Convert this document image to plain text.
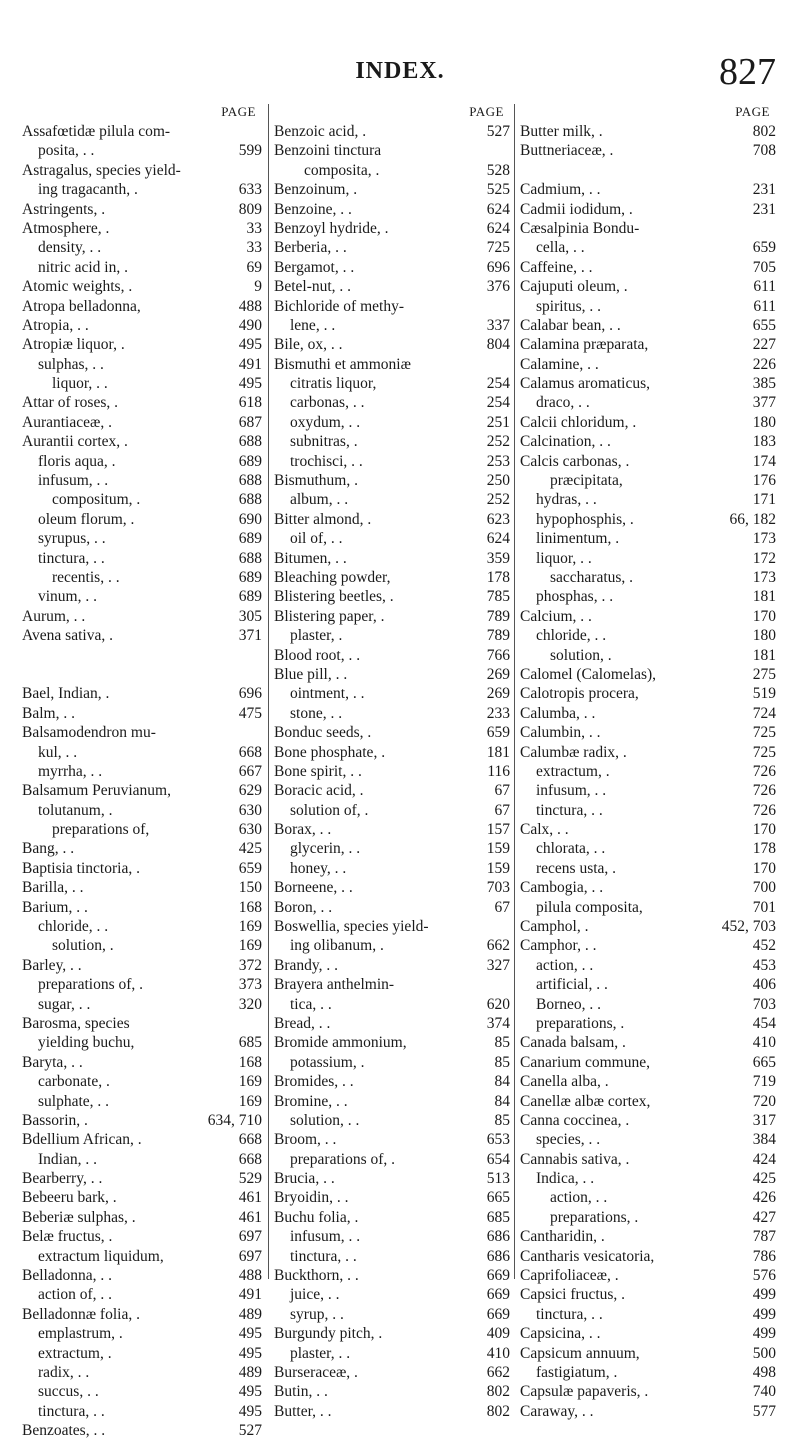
INDEX.	827
PAGE
Assafœtidæ pilula com-
posita, . .	599
Astragalus, species yield-
ing tragacanth, .	633
Astringents, .	809
Atmosphere, .	33
density, . .	33
nitric acid in, .	69
Atomic weights, .	9
Atropa belladonna,	488
Atropia, . .	490
Atropiæ liquor, .	495
sulphas, . .	491
liquor, . .	495
Attar of roses, .	618
Aurantiaceæ, .	687
Aurantii cortex, .	688
floris aqua, .	689
infusum, . .	688
compositum, .	688
oleum florum, .	690
syrupus, . .	689
tinctura, . .	688
recentis, . .	689
vinum, . .	689
Aurum, . .	305
Avena sativa, .	371
Bael, Indian, .	696
Balm, . .	475
Balsamodendron mu-
kul, . .	668
myrrha, . .	667
Balsamum Peruvianum,	629
tolutanum, .	630
preparations of,	630
Bang, . .	425
Baptisia tinctoria, .	659
Barilla, . .	150
Barium, . .	168
chloride, . .	169
solution, .	169
Barley, . .	372
preparations of, .	373
sugar, . .	320
Barosma, species
yielding buchu,	685
Baryta, . .	168
carbonate, .	169
sulphate, . .	169
Bassorin, .	634, 710
Bdellium African, .	668
Indian, . .	668
Bearberry, . .	529
Bebeeru bark, .	461
Beberiæ sulphas, .	461
Belæ fructus, .	697
extractum liquidum,	697
Belladonna, . .	488
action of, . .	491
Belladonnæ folia, .	489
emplastrum, .	495
extractum, .	495
radix, . .	489
succus, . .	495
tinctura, . .	495
Benzoates, . .	527
PAGE
Benzoic acid, .	527
Benzoini tinctura
composita, .	528
Benzoinum, .	525
Benzoine, . .	624
Benzoyl hydride, .	624
Berberia, . .	725
Bergamot, . .	696
Betel-nut, . .	376
Bichloride of methy-
lene, . .	337
Bile, ox, . .	804
Bismuthi et ammoniæ
citratis liquor,	254
carbonas, . .	254
oxydum, . .	251
subnitras, .	252
trochisci, . .	253
Bismuthum, .	250
album, . .	252
Bitter almond, .	623
oil of, . .	624
Bitumen, . .	359
Bleaching powder,	178
Blistering beetles, .	785
Blistering paper, .	789
plaster, .	789
Blood root, . .	766
Blue pill, . .	269
ointment, . .	269
stone, . .	233
Bonduc seeds, .	659
Bone phosphate, .	181
Bone spirit, . .	116
Boracic acid, .	67
solution of, .	67
Borax, . .	157
glycerin, . .	159
honey, . .	159
Borneene, . .	703
Boron, . .	67
Boswellia, species yield-
ing olibanum, .	662
Brandy, . .	327
Brayera anthelmin-
tica, . .	620
Bread, . .	374
Bromide ammonium,	85
potassium, .	85
Bromides, . .	84
Bromine, . .	84
solution, . .	85
Broom, . .	653
preparations of, .	654
Brucia, . .	513
Bryoidin, . .	665
Buchu folia, .	685
infusum, . .	686
tinctura, . .	686
Buckthorn, . .	669
juice, . .	669
syrup, . .	669
Burgundy pitch, .	409
plaster, . .	410
Burseraceæ, .	662
Butin, . .	802
Butter, . .	802
PAGE
Butter milk, .	802
Buttneriaceæ, .	708
Cadmium, . .	231
Cadmii iodidum, .	231
Cæsalpinia Bondu-
cella, . .	659
Caffeine, . .	705
Cajuputi oleum, .	611
spiritus, . .	611
Calabar bean, . .	655
Calamina præparata,	227
Calamine, . .	226
Calamus aromaticus,	385
draco, . .	377
Calcii chloridum, .	180
Calcination, . .	183
Calcis carbonas, .	174
præcipitata,	176
hydras, . .	171
hypophosphis, .	66, 182
linimentum, .	173
liquor, . .	172
saccharatus, .	173
phosphas, . .	181
Calcium, . .	170
chloride, . .	180
solution, .	181
Calomel (Calomelas),	275
Calotropis procera,	519
Calumba, . .	724
Calumbin, . .	725
Calumbæ radix, .	725
extractum, .	726
infusum, . .	726
tinctura, . .	726
Calx, . .	170
chlorata, . .	178
recens usta, .	170
Cambogia, . .	700
pilula composita,	701
Camphol, .	452, 703
Camphor, . .	452
action, . .	453
artificial, . .	406
Borneo, . .	703
preparations, .	454
Canada balsam, .	410
Canarium commune,	665
Canella alba, .	719
Canellæ albæ cortex,	720
Canna coccinea, .	317
species, . .	384
Cannabis sativa, .	424
Indica, . .	425
action, . .	426
preparations, .	427
Cantharidin, .	787
Cantharis vesicatoria,	786
Caprifoliaceæ, .	576
Capsici fructus, .	499
tinctura, . .	499
Capsicina, . .	499
Capsicum annuum,	500
fastigiatum, .	498
Capsulæ papaveris, .	740
Caraway, . .	577
